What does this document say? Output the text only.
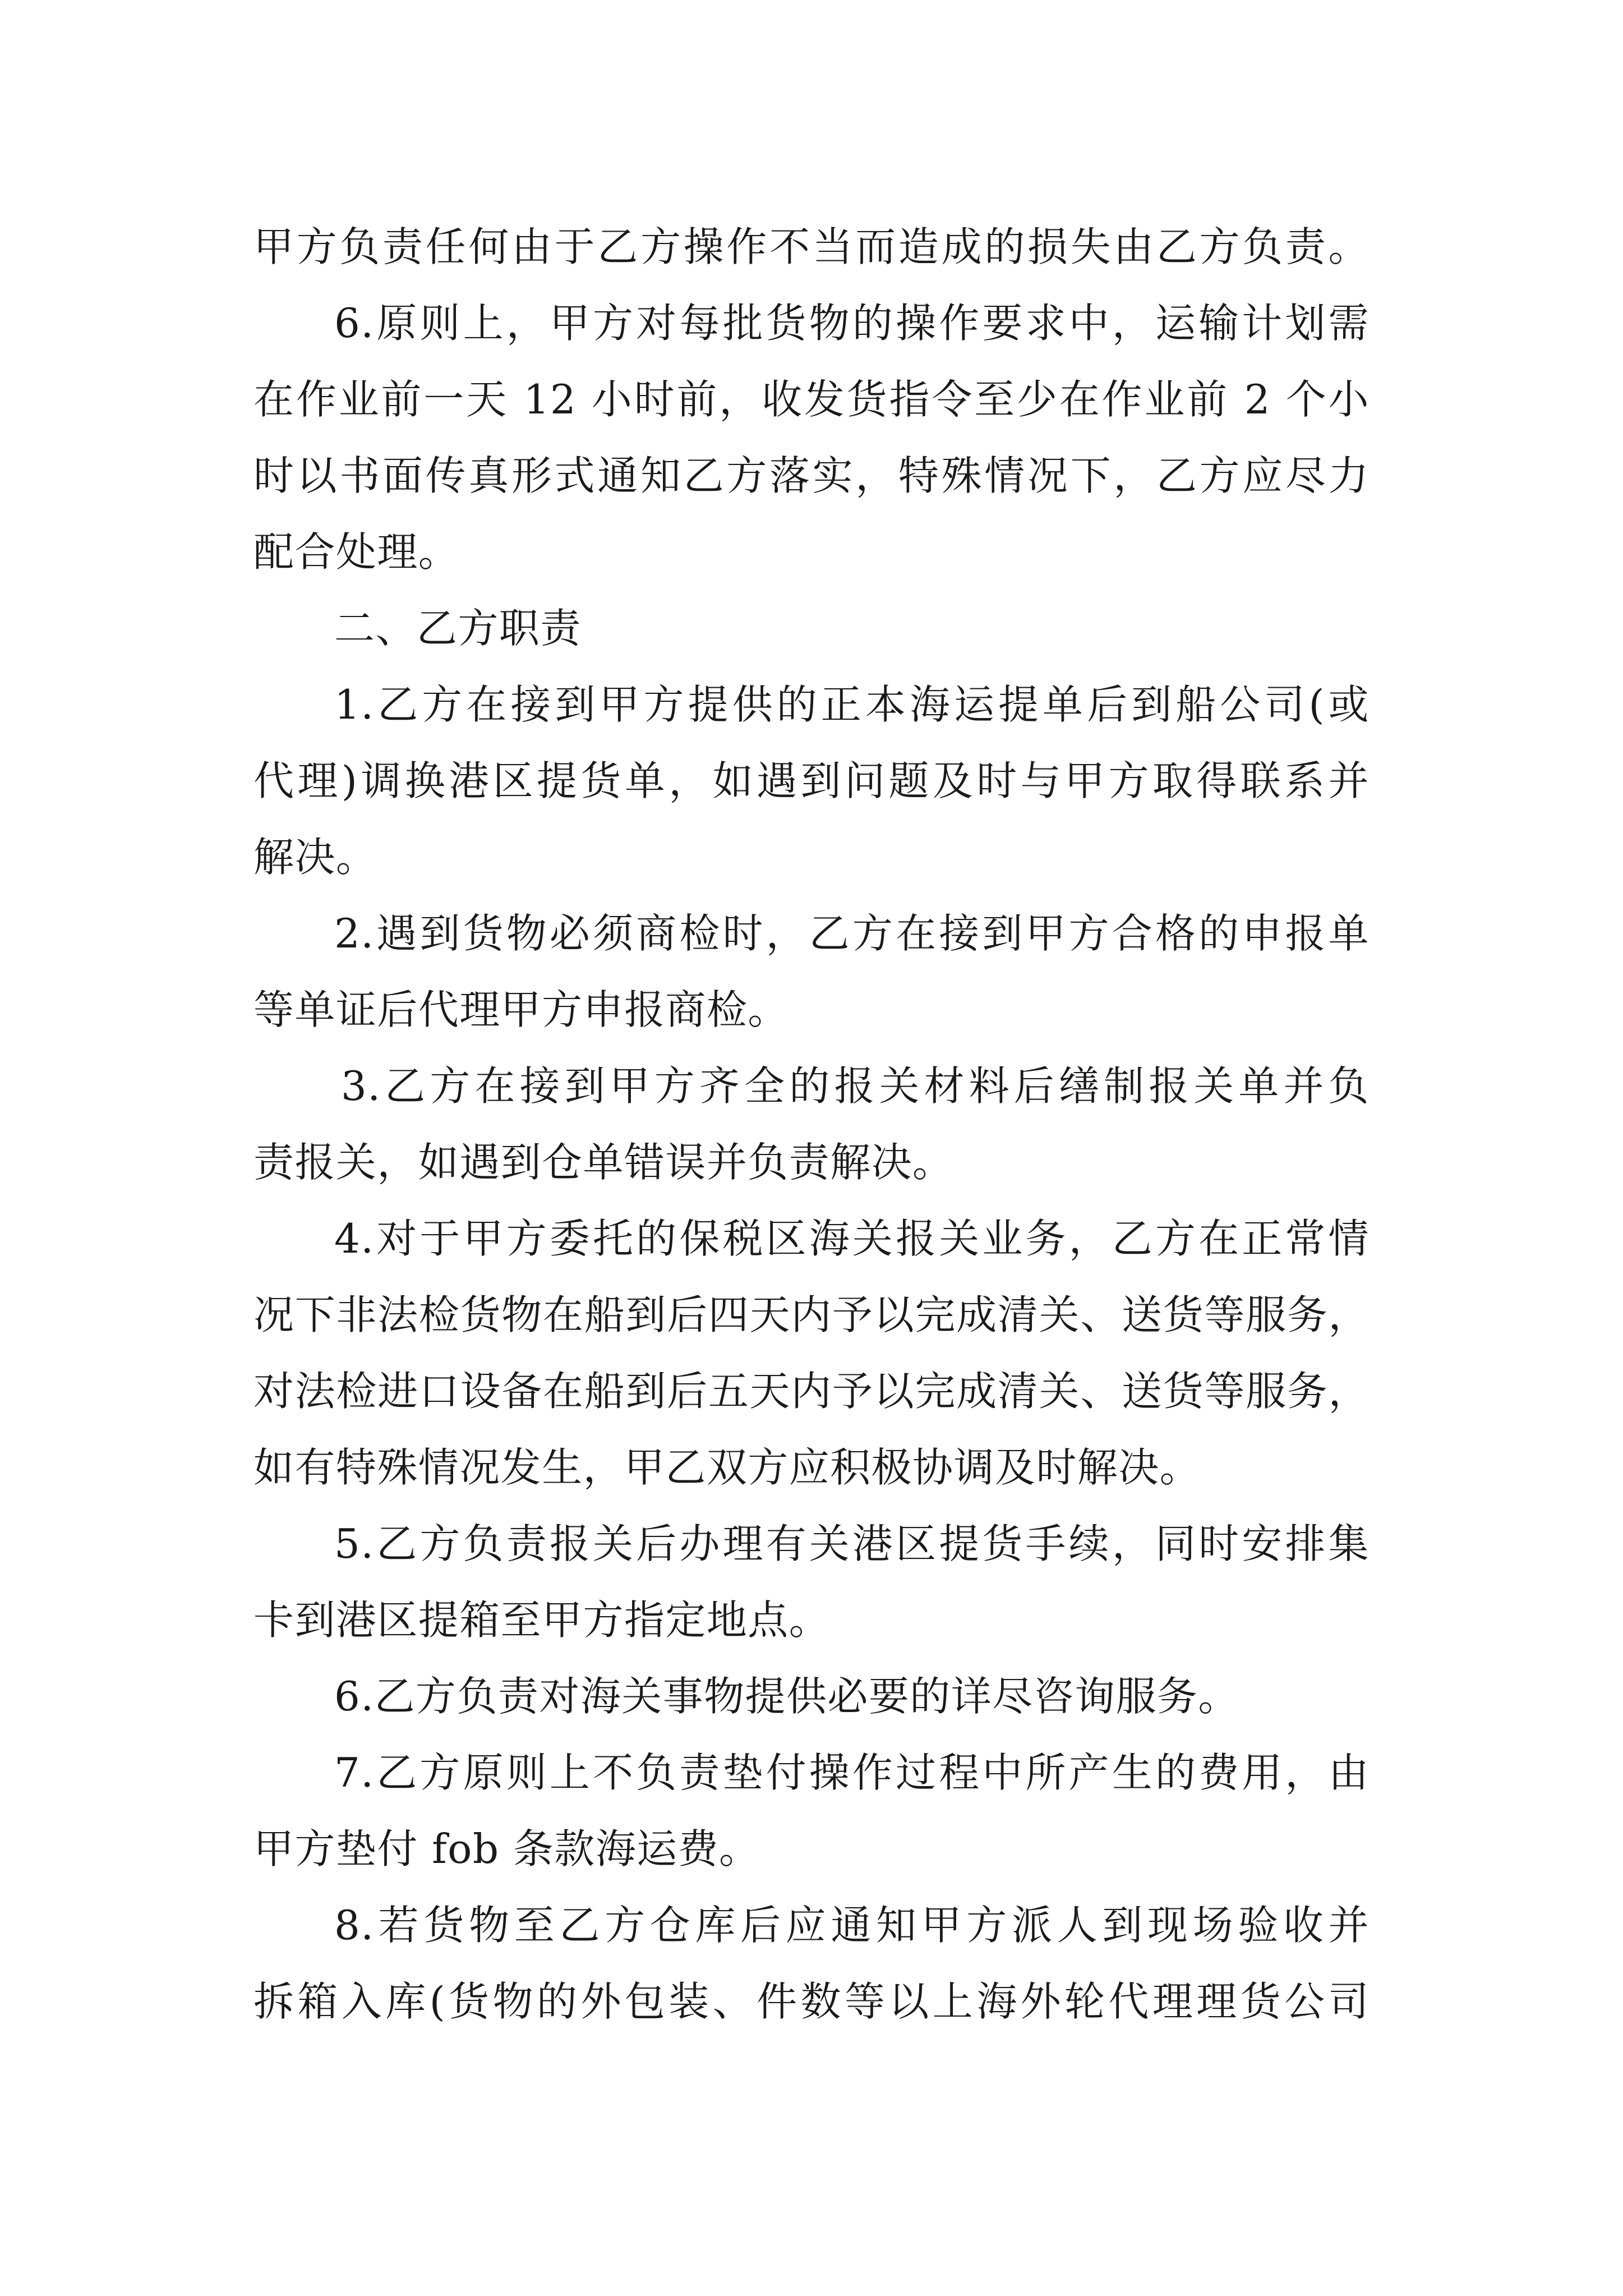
甲方负责任何由于乙方操作不当而造成的损失由乙方负责。
6.原则上，甲方对每批货物的操作要求中，运输计划需
在作业前一天 12 小时前，收发货指令至少在作业前 2 个小
时以书面传真形式通知乙方落实，特殊情况下，乙方应尽力
配合处理。
二、乙方职责
1.乙方在接到甲方提供的正本海运提单后到船公司(或
代理)调换港区提货单，如遇到问题及时与甲方取得联系并
解决。
2.遇到货物必须商检时，乙方在接到甲方合格的申报单
等单证后代理甲方申报商检。
3.乙方在接到甲方齐全的报关材料后缮制报关单并负
责报关，如遇到仓单错误并负责解决。
4.对于甲方委托的保税区海关报关业务，乙方在正常情
况下非法检货物在船到后四天内予以完成清关、送货等服务，
对法检进口设备在船到后五天内予以完成清关、送货等服务，
如有特殊情况发生，甲乙双方应积极协调及时解决。
5.乙方负责报关后办理有关港区提货手续，同时安排集
卡到港区提箱至甲方指定地点。
6.乙方负责对海关事物提供必要的详尽咨询服务。
7.乙方原则上不负责垫付操作过程中所产生的费用，由
甲方垫付 fob 条款海运费。
8.若货物至乙方仓库后应通知甲方派人到现场验收并
拆箱入库(货物的外包装、件数等以上海外轮代理理货公司
